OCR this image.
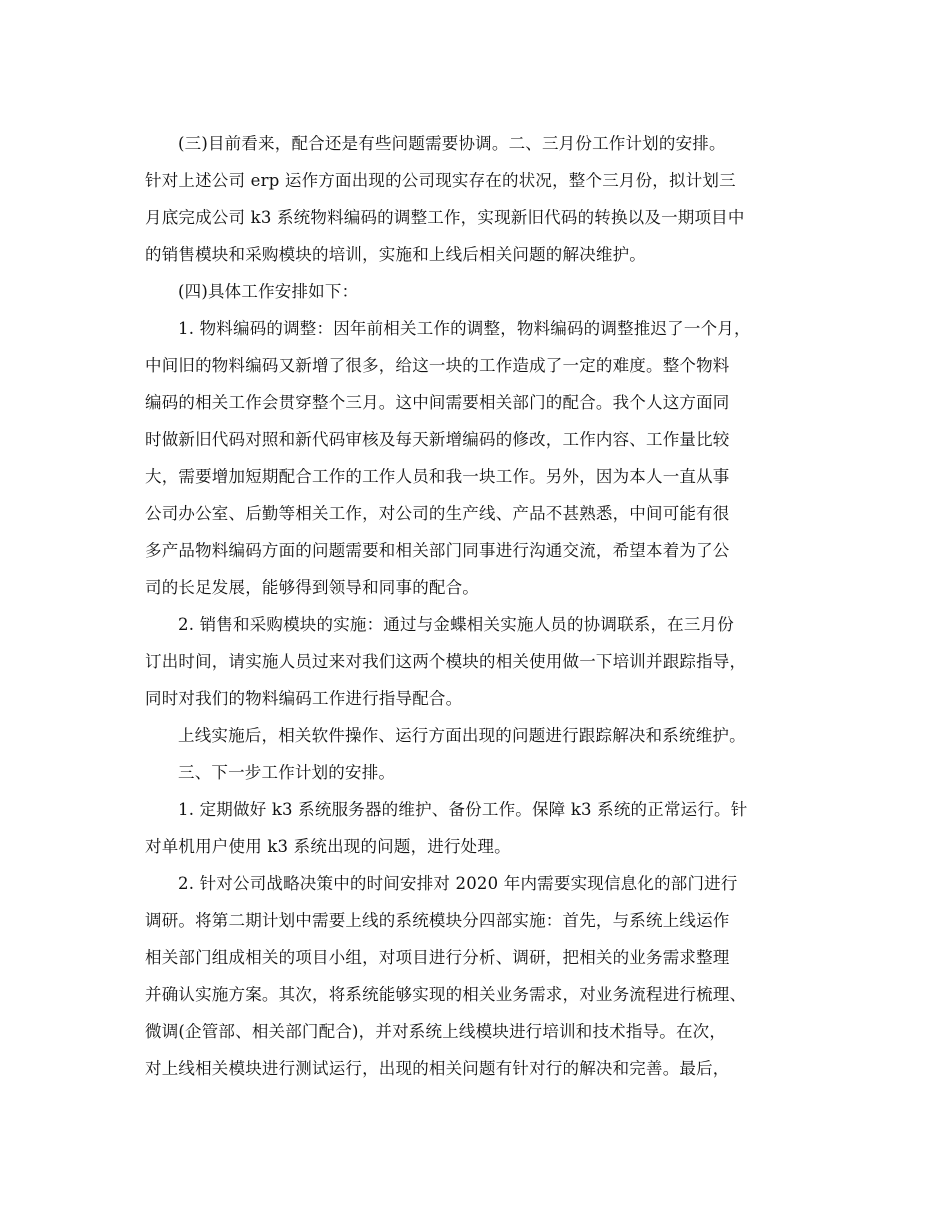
(三)目前看来，配合还是有些问题需要协调。二、三月份工作计划的安排。
针对上述公司 erp 运作方面出现的公司现实存在的状况，整个三月份，拟计划三
月底完成公司 k3 系统物料编码的调整工作，实现新旧代码的转换以及一期项目中
的销售模块和采购模块的培训，实施和上线后相关问题的解决维护。
(四)具体工作安排如下：
1. 物料编码的调整：因年前相关工作的调整，物料编码的调整推迟了一个月，
中间旧的物料编码又新增了很多，给这一块的工作造成了一定的难度。整个物料
编码的相关工作会贯穿整个三月。这中间需要相关部门的配合。我个人这方面同
时做新旧代码对照和新代码审核及每天新增编码的修改，工作内容、工作量比较
大，需要增加短期配合工作的工作人员和我一块工作。另外，因为本人一直从事
公司办公室、后勤等相关工作，对公司的生产线、产品不甚熟悉，中间可能有很
多产品物料编码方面的问题需要和相关部门同事进行沟通交流，希望本着为了公
司的长足发展，能够得到领导和同事的配合。
2. 销售和采购模块的实施：通过与金蝶相关实施人员的协调联系，在三月份
订出时间，请实施人员过来对我们这两个模块的相关使用做一下培训并跟踪指导，
同时对我们的物料编码工作进行指导配合。
上线实施后，相关软件操作、运行方面出现的问题进行跟踪解决和系统维护。
三、下一步工作计划的安排。
1. 定期做好 k3 系统服务器的维护、备份工作。保障 k3 系统的正常运行。针
对单机用户使用 k3 系统出现的问题，进行处理。
2. 针对公司战略决策中的时间安排对 2020 年内需要实现信息化的部门进行
调研。将第二期计划中需要上线的系统模块分四部实施：首先，与系统上线运作
相关部门组成相关的项目小组，对项目进行分析、调研，把相关的业务需求整理
并确认实施方案。其次，将系统能够实现的相关业务需求，对业务流程进行梳理、
微调(企管部、相关部门配合)，并对系统上线模块进行培训和技术指导。在次，
对上线相关模块进行测试运行，出现的相关问题有针对行的解决和完善。最后，
